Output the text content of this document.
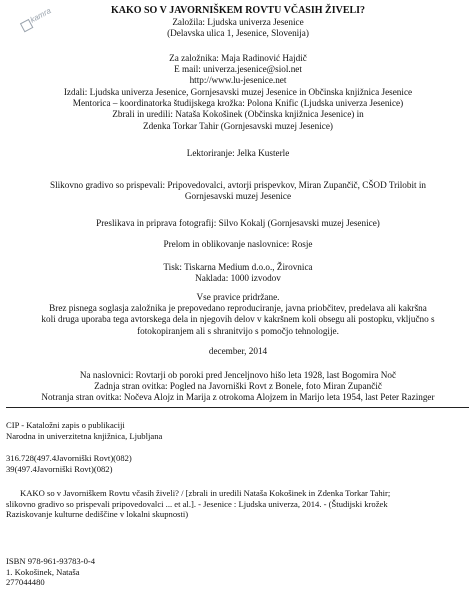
kamra	KAKO SO V JAVORNIŠKEM ROVTU VČASIH ŽIVELI?
Založila: Ljudska univerza Jesenice
(Delavska ulica 1, Jesenice, Slovenija)
Za založnika: Maja Radinović Hajdič
E mail: univerza.jesenice@siol.net
http://www.lu-jesenice.net
Izdali: Ljudska univerza Jesenice, Gornjesavski muzej Jesenice in Občinska knjižnica Jesenice
Mentorica – koordinatorka študijskega krožka: Polona Knific (Ljudska univerza Jesenice)
Zbrali in uredili: Nataša Kokošinek (Občinska knjižnica Jesenice) in
Zdenka Torkar Tahir (Gornjesavski muzej Jesenice)
Lektoriranje: Jelka Kusterle
Slikovno gradivo so prispevali: Pripovedovalci, avtorji prispevkov, Miran Zupančič, CŠOD Trilobit in
Gornjesavski muzej Jesenice
Preslikava in priprava fotografij: Silvo Kokalj (Gornjesavski muzej Jesenice)
Prelom in oblikovanje naslovnice: Rosje
Tisk: Tiskarna Medium d.o.o., Žirovnica
Naklada: 1000 izvodov
Vse pravice pridržane.
Brez pisnega soglasja založnika je prepovedano reproduciranje, javna priobčitev, predelava ali kakršna
koli druga uporaba tega avtorskega dela in njegovih delov v kakršnem koli obsegu ali postopku, vključno s
fotokopiranjem ali s shranitvijo s pomočjo tehnologije.
december, 2014
Na naslovnici: Rovtarji ob poroki pred Jenceljnovo hišo leta 1928, last Bogomira Noč
Zadnja stran ovitka: Pogled na Javorniški Rovt z Bonele, foto Miran Zupančič
Notranja stran ovitka: Nočeva Alojz in Marija z otrokoma Alojzem in Marijo leta 1954, last Peter Razinger
CIP - Kataložni zapis o publikaciji
Narodna in univerzitetna knjižnica, Ljubljana
316.728(497.4Javorniški Rovt)(082)
39(497.4Javorniški Rovt)(082)
KAKO so v Javorniškem Rovtu včasih živeli? / [zbrali in uredili Nataša Kokošinek in Zdenka Torkar Tahir;
slikovno gradivo so prispevali pripovedovalci ... et al.]. - Jesenice : Ljudska univerza, 2014. - (Študijski krožek
Raziskovanje kulturne dediščine v lokalni skupnosti)
ISBN 978-961-93783-0-4
1. Kokošinek, Nataša
277044480
